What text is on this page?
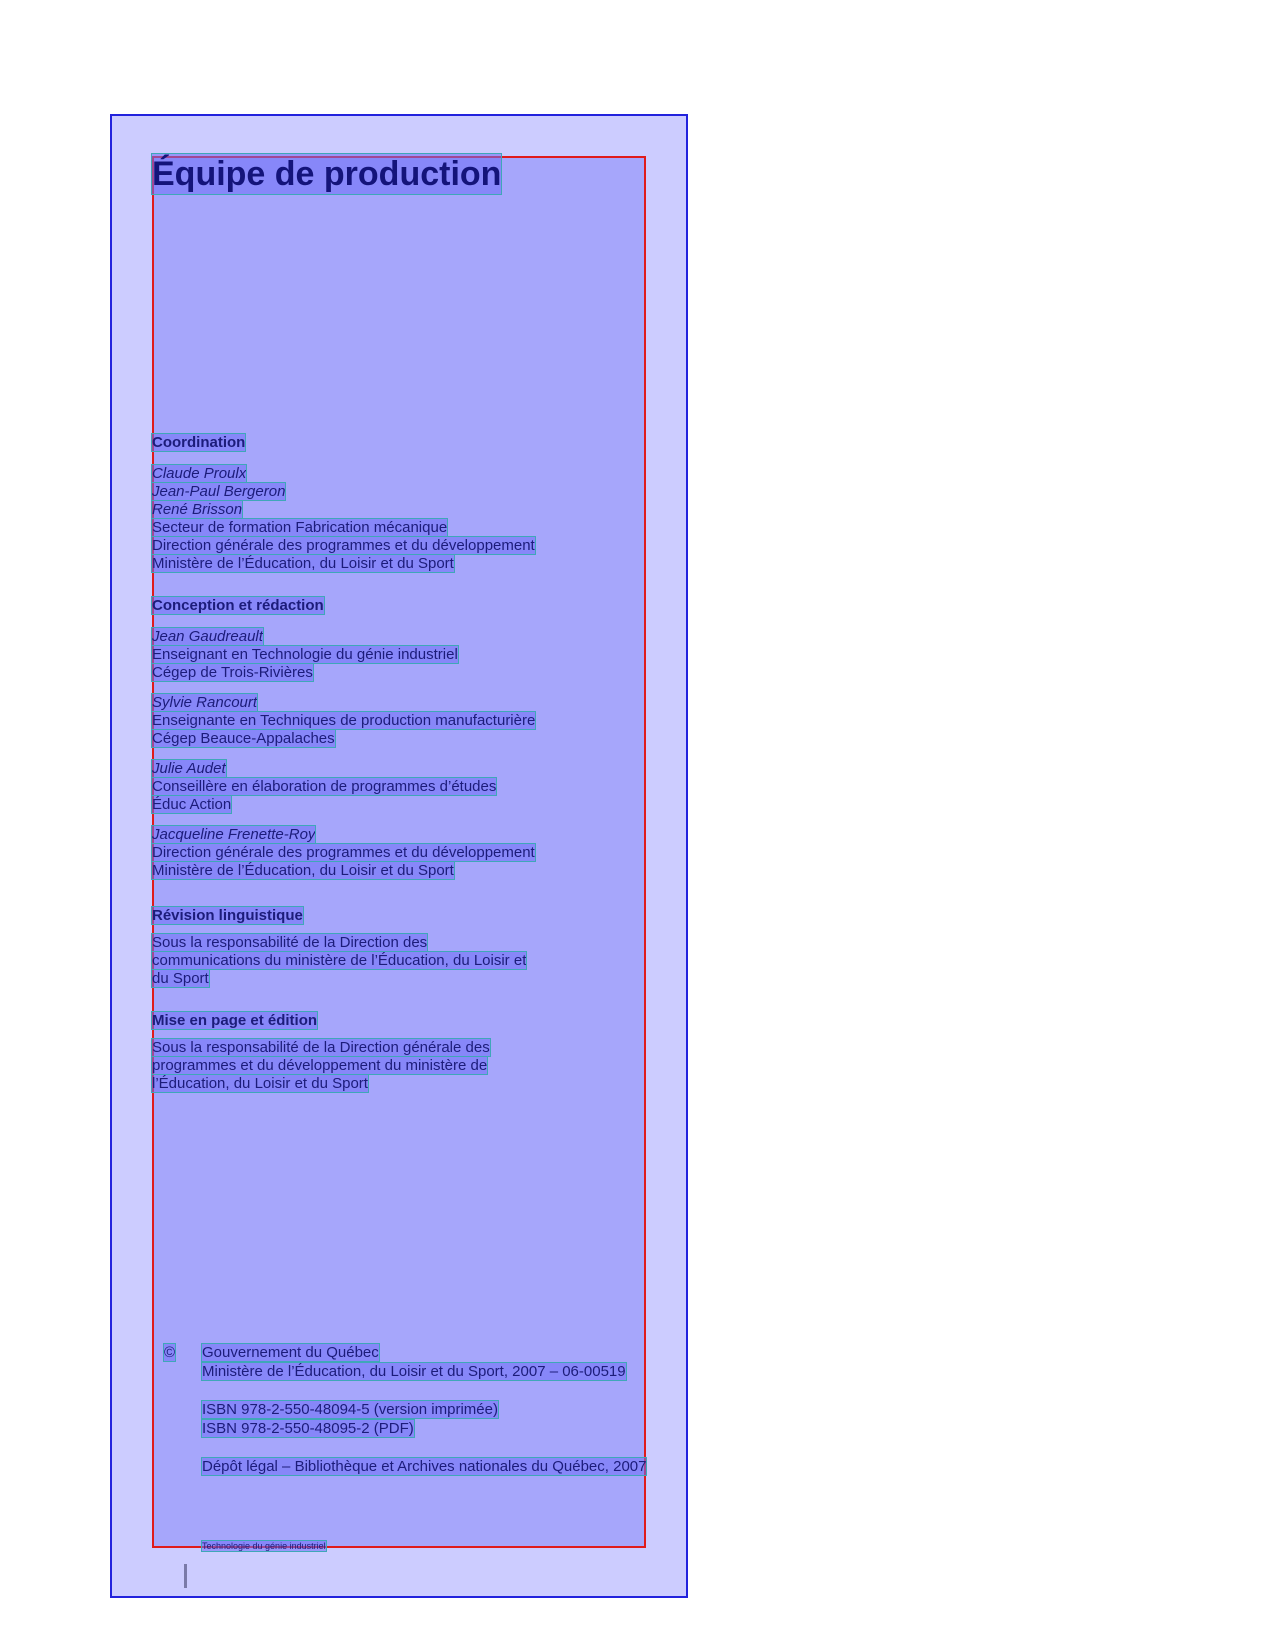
Équipe de production
Coordination
Claude Proulx
Jean-Paul Bergeron
René Brisson
Secteur de formation Fabrication mécanique
Direction générale des programmes et du développement
Ministère de l’Éducation, du Loisir et du Sport
Conception et rédaction
Jean Gaudreault
Enseignant en Technologie du génie industriel
Cégep de Trois-Rivières
Sylvie Rancourt
Enseignante en Techniques de production manufacturière
Cégep Beauce-Appalaches
Julie Audet
Conseillère en élaboration de programmes d’études
Éduc Action
Jacqueline Frenette-Roy
Direction générale des programmes et du développement
Ministère de l’Éducation, du Loisir et du Sport
Révision linguistique
Sous la responsabilité de la Direction des
communications du ministère de l’Éducation, du Loisir et
du Sport
Mise en page et édition
Sous la responsabilité de la Direction générale des
programmes et du développement du ministère de
l’Éducation, du Loisir et du Sport
© Gouvernement du Québec
Ministère de l’Éducation, du Loisir et du Sport, 2007 – 06-00519
ISBN 978-2-550-48094-5 (version imprimée)
ISBN 978-2-550-48095-2 (PDF)
Dépôt légal – Bibliothèque et Archives nationales du Québec, 2007
Technologie du génie industriel
